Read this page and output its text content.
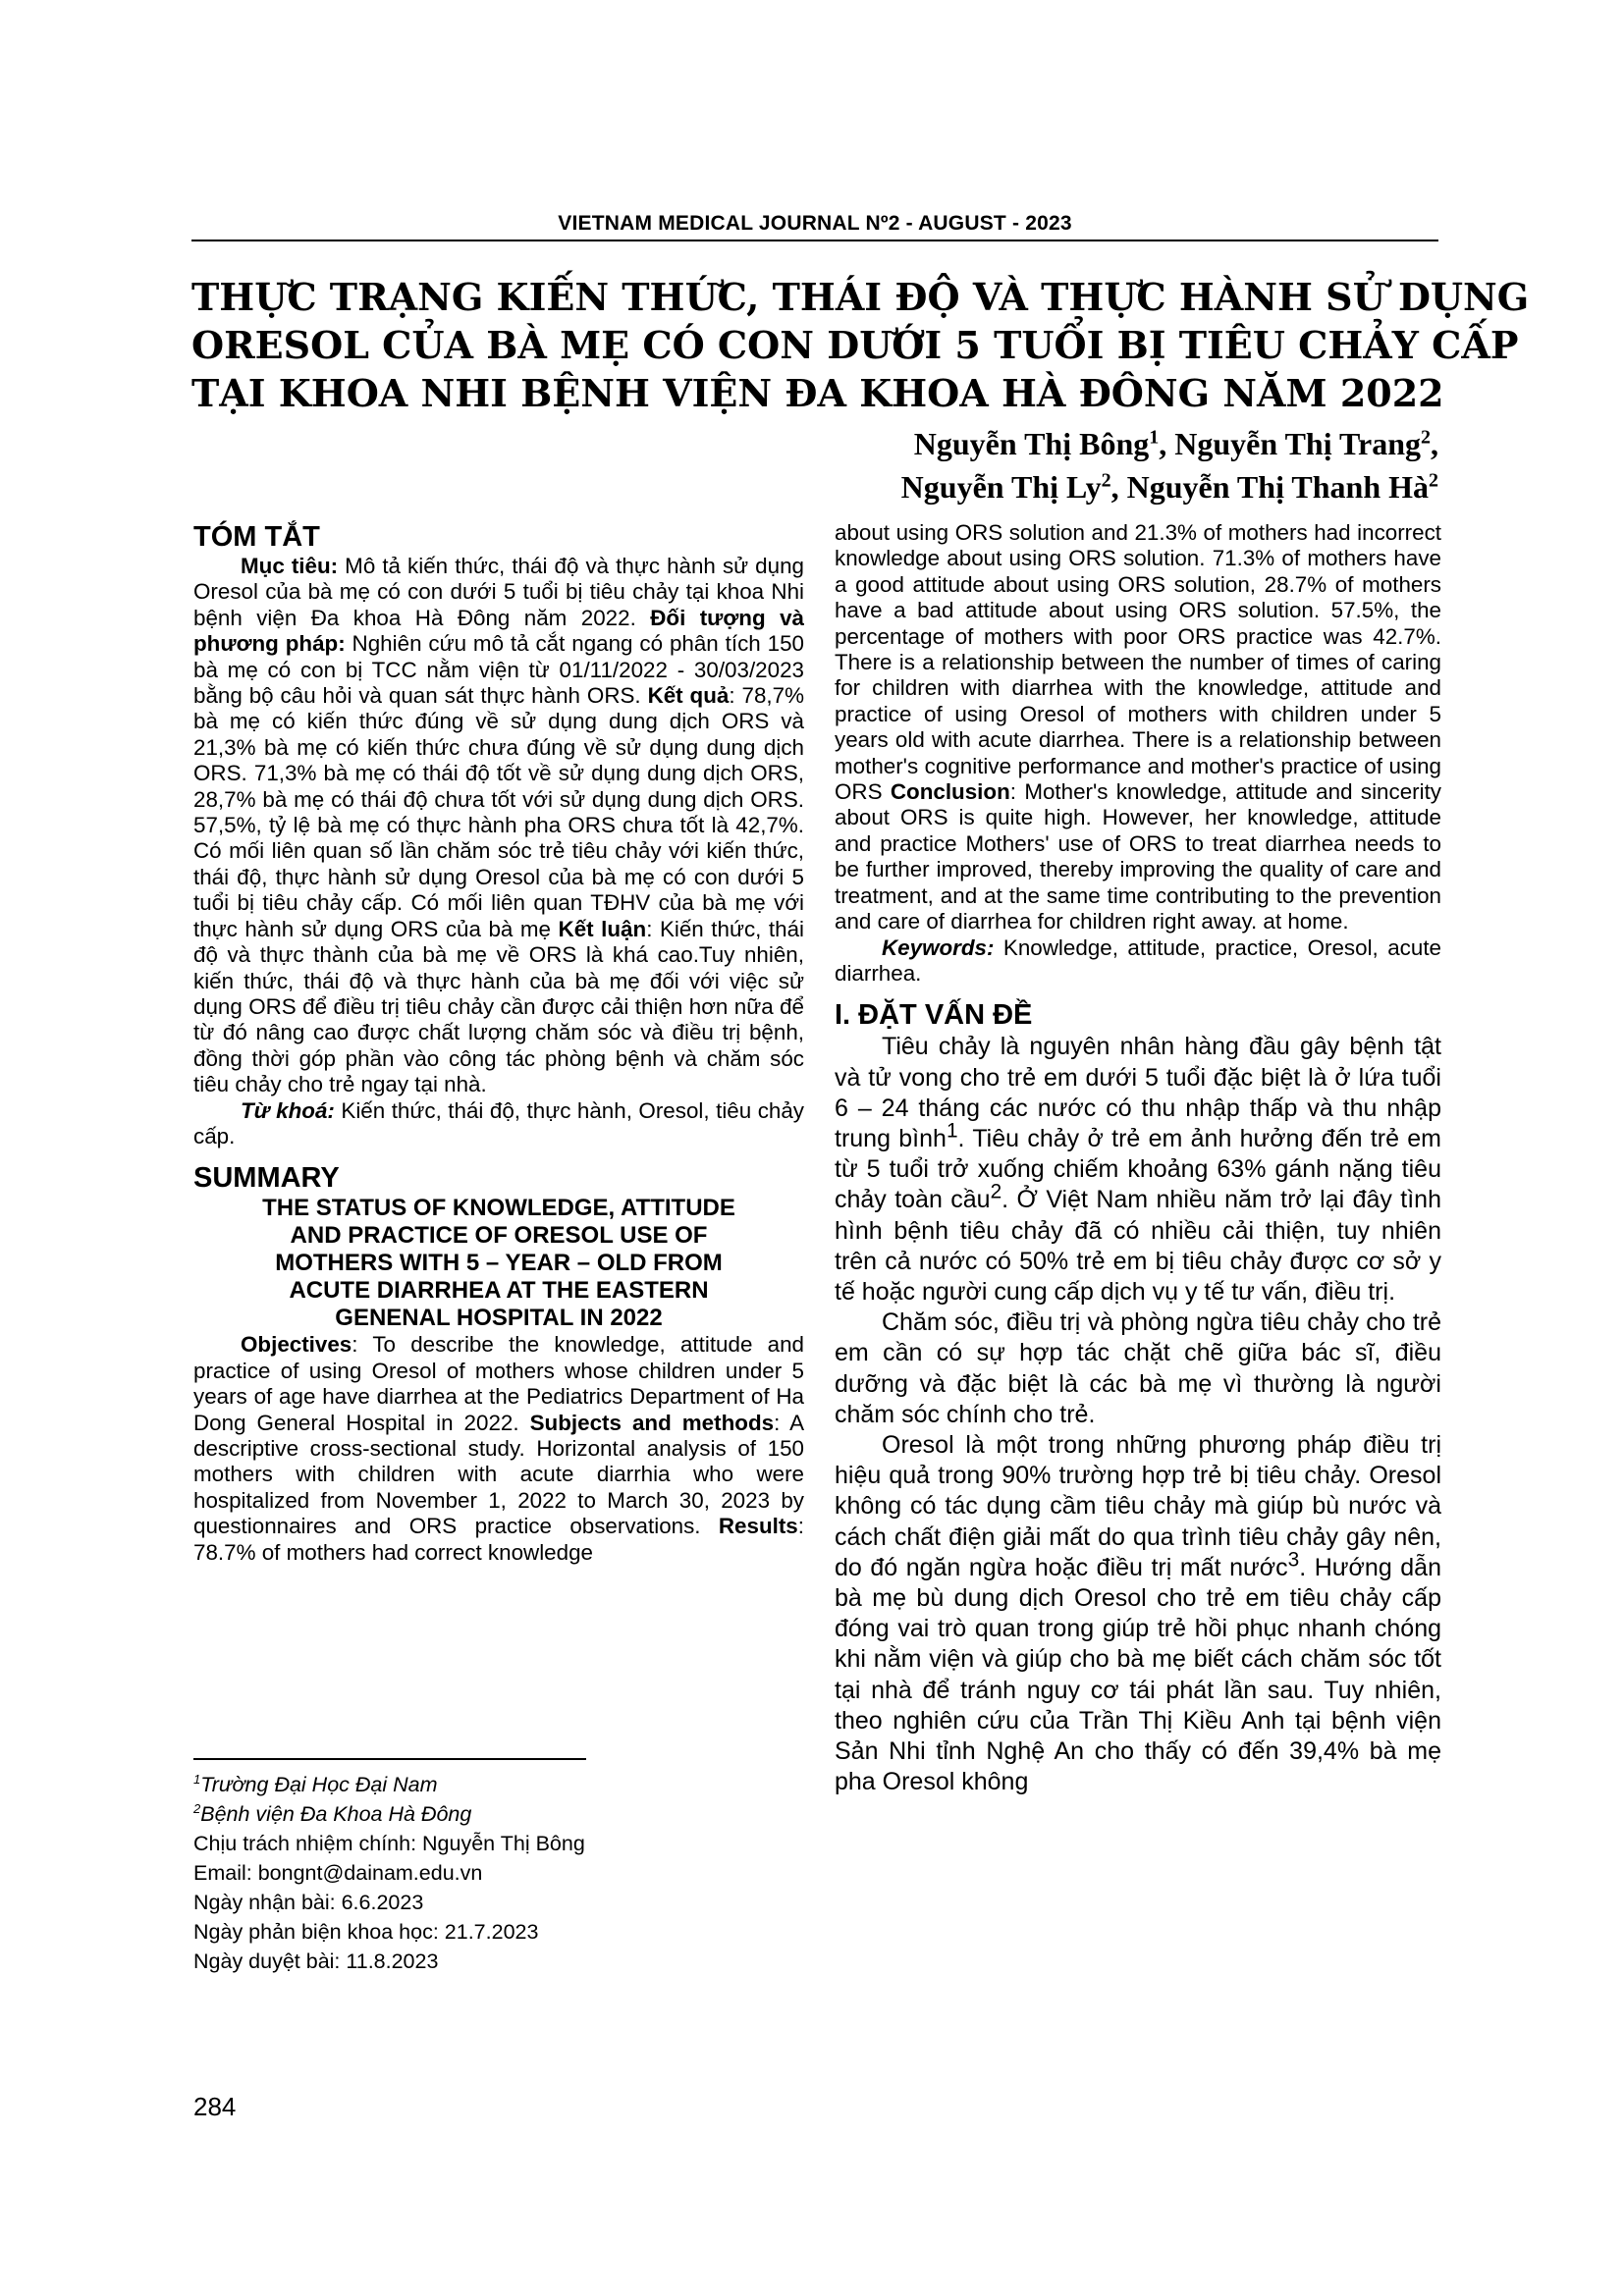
VIETNAM MEDICAL JOURNAL Nº2 - AUGUST - 2023
THỰC TRẠNG KIẾN THỨC, THÁI ĐỘ VÀ THỰC HÀNH SỬ DỤNG
ORESOL CỦA BÀ MẸ CÓ CON DƯỚI 5 TUỔI BỊ TIÊU CHẢY CẤP
TẠI KHOA NHI BỆNH VIỆN ĐA KHOA HÀ ĐÔNG NĂM 2022
Nguyễn Thị Bông$^1$, Nguyễn Thị Trang$^2$,
Nguyễn Thị Ly$^2$, Nguyễn Thị Thanh $Hà^2$
TÓM TẮT

Mục tiêu: Mô tả kiến thức, thái độ và thực hành sử dụng Oresol của bà mẹ có con dưới 5 tuổi bị tiêu chảy tại khoa Nhi bệnh viện Đa khoa Hà Đông năm 2022. Đối tượng và phương pháp: Nghiên cứu mô tả cắt ngang có phân tích 150 bà mẹ có con bị TCC nằm viện từ 01/11/2022 - 30/03/2023 bằng bộ câu hỏi và quan sát thực hành ORS. Kết quả: 78,7% bà mẹ có kiến thức đúng về sử dụng dung dịch ORS và 21,3% bà mẹ có kiến thức chưa đúng về sử dụng dung dịch ORS. 71,3% bà mẹ có thái độ tốt về sử dụng dung dịch ORS, 28,7% bà mẹ có thái độ chưa tốt với sử dụng dung dịch ORS. 57,5%, tỷ lệ bà mẹ có thực hành pha ORS chưa tốt là 42,7%. Có mối liên quan số lần chăm sóc trẻ tiêu chảy với kiến thức, thái độ, thực hành sử dụng Oresol của bà mẹ có con dưới 5 tuổi bị tiêu chảy cấp. Có mối liên quan TĐHV của bà mẹ với thực hành sử dụng ORS của bà mẹ Kết luận: Kiến thức, thái độ và thực thành của bà mẹ về ORS là khá cao.Tuy nhiên, kiến thức, thái độ và thực hành của bà mẹ đối với việc sử dụng ORS để điều trị tiêu chảy cần được cải thiện hơn nữa để từ đó nâng cao được chất lượng chăm sóc và điều trị bệnh, đồng thời góp phần vào công tác phòng bệnh và chăm sóc tiêu chảy cho trẻ ngay tại nhà.

Từ khoá: Kiến thức, thái độ, thực hành, Oresol, tiêu chảy cấp.

SUMMARY
THE STATUS OF KNOWLEDGE, ATTITUDE
AND PRACTICE OF ORESOL USE OF
MOTHERS WITH 5 – YEAR – OLD FROM
ACUTE DIARRHEA AT THE EASTERN
GENENAL HOSPITAL IN 2022

Objectives: To describe the knowledge, attitude and practice of using Oresol of mothers whose children under 5 years of age have diarrhea at the Pediatrics Department of Ha Dong General Hospital in 2022. Subjects and methods: A descriptive cross-sectional study. Horizontal analysis of 150 mothers with children with acute diarrhia who were hospitalized from November 1, 2022 to March 30, 2023 by questionnaires and ORS practice observations. Results: 78.7% of mothers had correct knowledge

$^1$Trường Đại Học Đại Nam
$^2$Bệnh viện Đa Khoa Hà Đông
Chịu trách nhiệm chính: Nguyễn Thị Bông
Email: bongnt@dainam.edu.vn
Ngày nhận bài: 6.6.2023
Ngày phản biện khoa học: 21.7.2023
Ngày duyệt bài: 11.8.2023
284

about using ORS solution and 21.3% of mothers had incorrect knowledge about using ORS solution. 71.3% of mothers have a good attitude about using ORS solution, 28.7% of mothers have a bad attitude about using ORS solution. 57.5%, the percentage of mothers with poor ORS practice was 42.7%. There is a relationship between the number of times of caring for children with diarrhea with the knowledge, attitude and practice of using Oresol of mothers with children under 5 years old with acute diarrhea. There is a relationship between mother's cognitive performance and mother's practice of using ORS Conclusion: Mother's knowledge, attitude and sincerity about ORS is quite high. However, her knowledge, attitude and practice Mothers' use of ORS to treat diarrhea needs to be further improved, thereby improving the quality of care and treatment, and at the same time contributing to the prevention and care of diarrhea for children right away. at home.

Keywords: Knowledge, attitude, practice, Oresol, acute diarrhea.

I. ĐẶT VẤN ĐỀ

Tiêu chảy là nguyên nhân hàng đầu gây bệnh tật và tử vong cho trẻ em dưới 5 tuổi đặc biệt là ở lứa tuổi 6 – 24 tháng các nước có thu nhập thấp và thu nhập trung bình$^1$. Tiêu chảy ở trẻ em ảnh hưởng đến trẻ em từ 5 tuổi trở xuống chiếm khoảng 63% gánh nặng tiêu chảy toàn cầu$^2$. Ở Việt Nam nhiều năm trở lại đây tình hình bệnh tiêu chảy đã có nhiều cải thiện, tuy nhiên trên cả nước có 50% trẻ em bị tiêu chảy được cơ sở y tế hoặc người cung cấp dịch vụ y tế tư vấn, điều trị.

Chăm sóc, điều trị và phòng ngừa tiêu chảy cho trẻ em cần có sự hợp tác chặt chẽ giữa bác sĩ, điều dưỡng và đặc biệt là các bà mẹ vì thường là người chăm sóc chính cho trẻ.

Oresol là một trong những phương pháp điều trị hiệu quả trong 90% trường hợp trẻ bị tiêu chảy. Oresol không có tác dụng cầm tiêu chảy mà giúp bù nước và cách chất điện giải mất do qua trình tiêu chảy gây nên, do đó ngăn ngừa hoặc điều trị mất nước$^3$. Hướng dẫn bà mẹ bù dung dịch Oresol cho trẻ em tiêu chảy cấp đóng vai trò quan trong giúp trẻ hồi phục nhanh chóng khi nằm viện và giúp cho bà mẹ biết cách chăm sóc tốt tại nhà để tránh nguy cơ tái phát lần sau. Tuy nhiên, theo nghiên cứu của Trần Thị Kiều Anh tại bệnh viện Sản Nhi tỉnh Nghệ An cho thấy có đến 39,4% bà mẹ pha Oresol không
